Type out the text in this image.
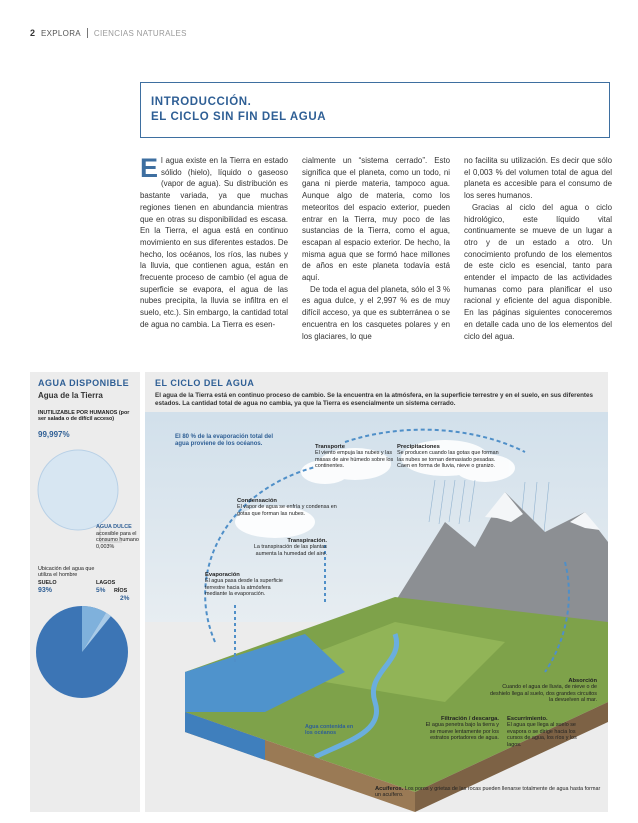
2 EXPLORA CIENCIAS NATURALES
INTRODUCCIÓN.
EL CICLO SIN FIN DEL AGUA

El agua existe en la Tierra en estado sólido (hielo), líquido o gaseoso (vapor de agua). Su distribución es bastante variada, ya que muchas regiones tienen en abundancia mientras que en otras su disponibilidad es escasa. En la Tierra, el agua está en continuo movimiento en sus diferentes estados. De hecho, los océanos, los ríos, las nubes y la lluvia, que contienen agua, están en frecuente proceso de cambio (el agua de superficie se evapora, el agua de las nubes precipita, la lluvia se infiltra en el suelo, etc.). Sin embargo, la cantidad total de agua no cambia. La Tierra es esen-

cialmente un “sistema cerrado”. Esto significa que el planeta, como un todo, ni gana ni pierde materia, tampoco agua. Aunque algo de materia, como los meteoritos del espacio exterior, pueden entrar en la Tierra, muy poco de las sustancias de la Tierra, como el agua, escapan al espacio exterior. De hecho, la misma agua que se formó hace millones de años en este planeta todavía está aquí.

De toda el agua del planeta, sólo el 3 % es agua dulce, y el 2,997 % es de muy difícil acceso, ya que es subterránea o se encuentra en los casquetes polares y en los glaciares, lo que

no facilita su utilización. Es decir que sólo el 0,003 % del volumen total de agua del planeta es accesible para el consumo de los seres humanos.

Gracias al ciclo del agua o ciclo hidrológico, este líquido vital continuamente se mueve de un lugar a otro y de un estado a otro. Un conocimiento profundo de los elementos de este ciclo es esencial, tanto para entender el impacto de las actividades humanas como para planificar el uso racional y eficiente del agua disponible. En las páginas siguientes conoceremos en detalle cada uno de los elementos del ciclo del agua.

AGUA DISPONIBLE
Agua de la Tierra
INUTILIZABLE POR HUMANOS (por ser salada o de difícil acceso)
99,997%
AGUA DULCE
accesible para el consumo humano 0,003%
Ubicación del agua que utiliza el hombre
SUELO
93%
LAGOS
5% RÍOS
2%
EL CICLO DEL AGUA
El agua de la Tierra está en continuo proceso de cambio. Se la encuentra en la atmósfera, en la superficie terrestre y en el suelo, en sus diferentes estados. La cantidad total de agua no cambia, ya que la Tierra es esencialmente un sistema cerrado.
El 80 % de la evaporación total del agua proviene de los océanos.	Transporte
El viento empuja las nubes y las masas de aire húmedo sobre los continentes.
Precipitaciones
Se producen cuando las gotas que forman las nubes se tornan demasiado pesadas. Caen en forma de lluvia, nieve o granizo.
Condensación
El vapor de agua se enfría y condensa en gotas que forman las nubes.
Transpiración.
La transpiración de las plantas aumenta la humedad del aire.
Evaporación
El agua pasa desde la superficie terrestre hacia la atmósfera mediante la evaporación.
Absorción
Cuando el agua de lluvia, de nieve o de deshielo llega al suelo, dos grandes circuitos la devuelven al mar.
Filtración / descarga.
El agua penetra bajo la tierra y se mueve lentamente por los estratos portadores de agua.
Escurrimiento.
El agua que llega al suelo se evapora o se dirige hacia los cursos de agua, los ríos y los lagos.
Agua contenida en los océanos
Acuíferos. Los poros y grietas de las rocas pueden llenarse totalmente de agua hasta formar un acuífero.
